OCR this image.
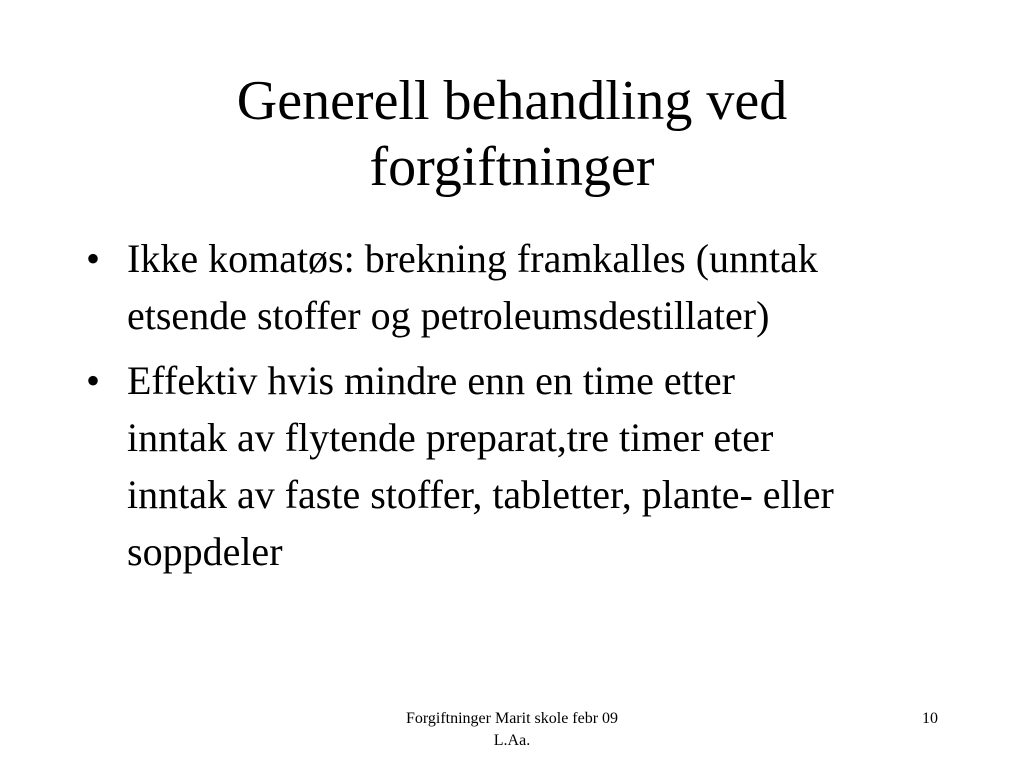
Generell behandling ved
forgiftninger
• Ikke komatøs: brekning framkalles (unntak
etsende stoffer og petroleumsdestillater)
• Effektiv hvis mindre enn en time etter
inntak av flytende preparat,tre timer eter
inntak av faste stoffer, tabletter, plante- eller
soppdeler
Forgiftninger Marit skole febr 09
L.Aa.
10
